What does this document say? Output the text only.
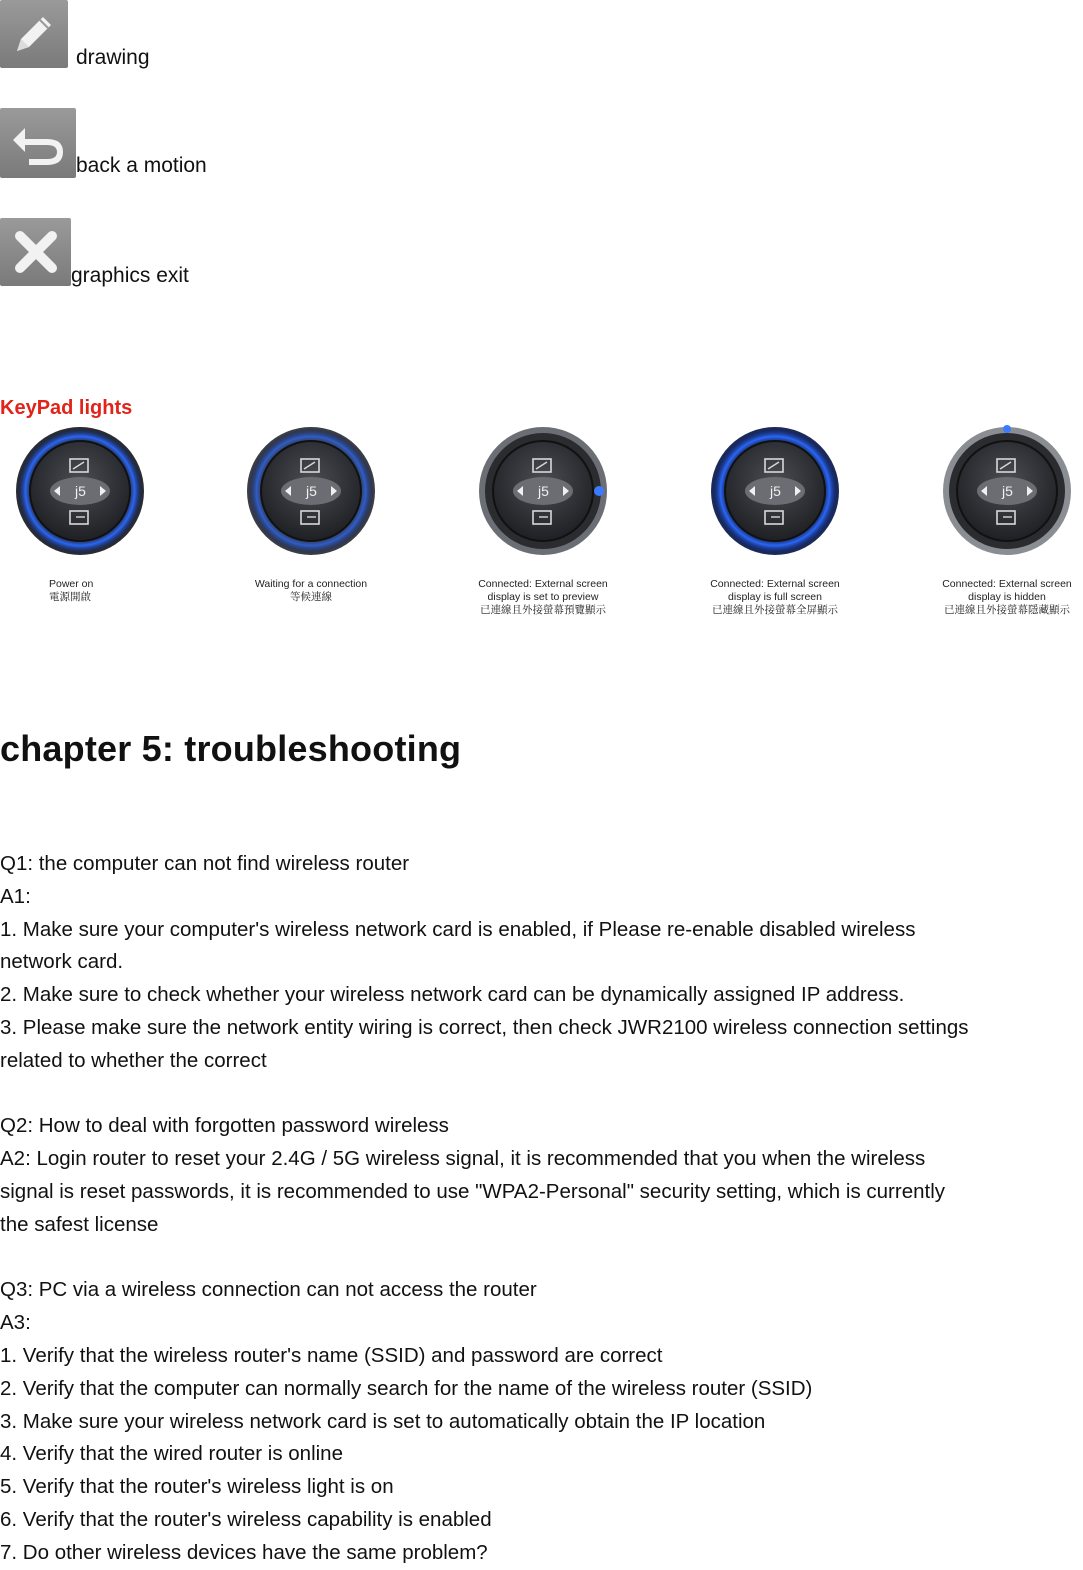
drawing
back a motion
graphics exit
KeyPad lights
Power on
電源開啟
Waiting for a connection
等候連線
Connected: External screen
display is set to preview
已連線且外接螢幕預覽顯示
Connected: External screen
display is full screen
已連線且外接螢幕全屏顯示
Connected: External screen
display is hidden
已連線且外接螢幕隱藏顯示
chapter 5: troubleshooting

Q1: the computer can not find wireless router

A1:

1. Make sure your computer's wireless network card is enabled, if Please re-enable disabled wireless

network card.

2. Make sure to check whether your wireless network card can be dynamically assigned IP address.

3. Please make sure the network entity wiring is correct, then check JWR2100 wireless connection settings

related to whether the correct

Q2: How to deal with forgotten password wireless

A2: Login router to reset your 2.4G / 5G wireless signal, it is recommended that you when the wireless

signal is reset passwords, it is recommended to use "WPA2-Personal" security setting, which is currently

the safest license

Q3: PC via a wireless connection can not access the router

A3:

1. Verify that the wireless router's name (SSID) and password are correct

2. Verify that the computer can normally search for the name of the wireless router (SSID)

3. Make sure your wireless network card is set to automatically obtain the IP location

4. Verify that the wired router is online

5. Verify that the router's wireless light is on

6. Verify that the router's wireless capability is enabled

7. Do other wireless devices have the same problem?
